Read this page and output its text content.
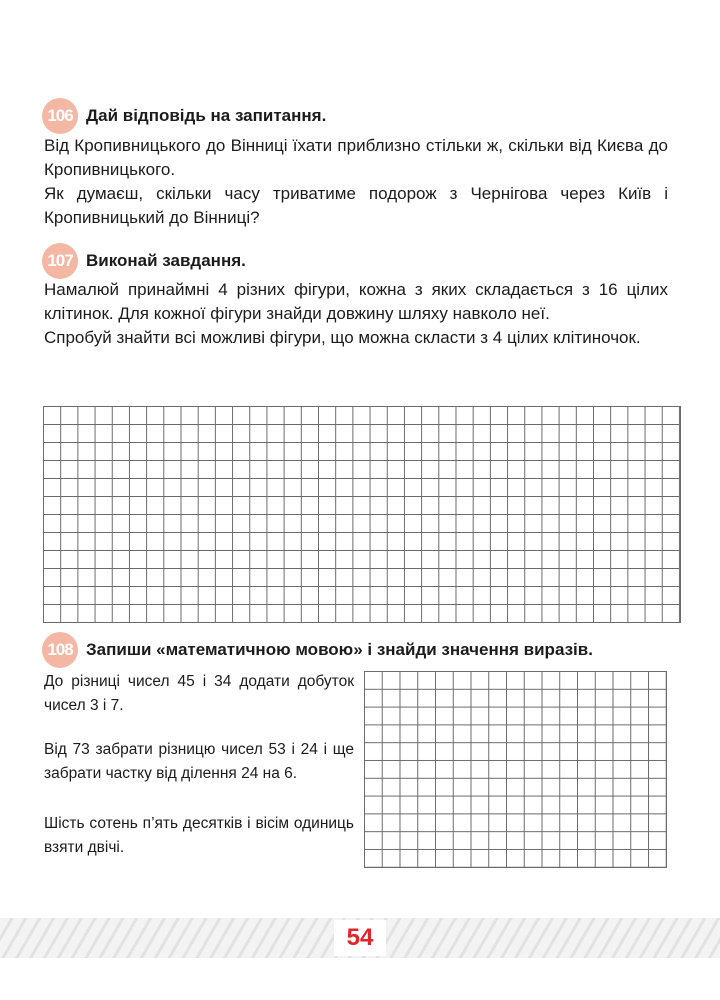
106 Дай відповідь на запитання.

Від Кропивницького до Вінниці їхати приблизно стільки ж, скільки від Києва до Кропивницького.

Як думаєш, скільки часу триватиме подорож з Чернігова через Київ і Кропивницький до Вінниці?

107 Виконай завдання.

Намалюй принаймні 4 різних фігури, кожна з яких складається з 16 цілих клітинок. Для кожної фігури знайди довжину шляху навколо неї.

Спробуй знайти всі можливі фігури, що можна скласти з 4 цілих клітиночок.

108 Запиши «математичною мовою» і знайди значення виразів.

До різниці чисел 45 і 34 додати добуток чисел 3 і 7.

Від 73 забрати різницю чисел 53 і 24 і ще забрати частку від ділення 24 на 6.

Шість сотень п’ять десятків і вісім одиниць взяти двічі.

54
